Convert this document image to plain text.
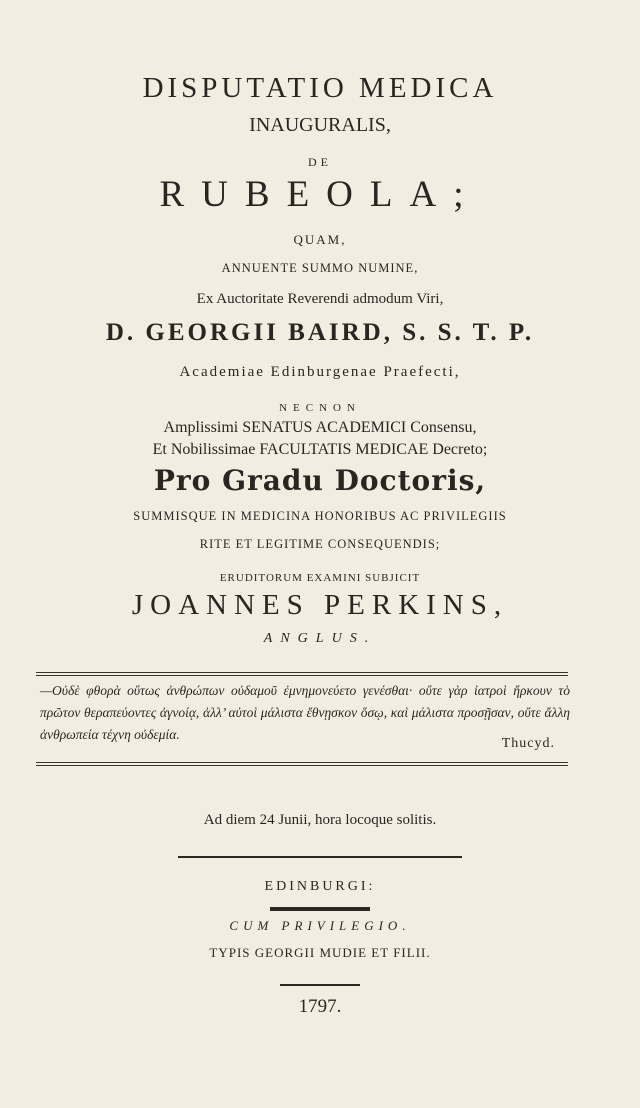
DISPUTATIO MEDICA
INAUGURALIS,
DE
RUBEOLA;
QUAM,
ANNUENTE SUMMO NUMINE,
Ex Auctoritate Reverendi admodum Viri,
D. GEORGII BAIRD, S. S. T. P.
Academiae Edinburgenae Praefecti,
NECNON
Amplissimi SENATUS ACADEMICI Consensu,
Et Nobilissimae FACULTATIS MEDICAE Decreto;
Pro Gradu Doctoris,
SUMMISQUE IN MEDICINA HONORIBUS AC PRIVILEGIIS
RITE ET LEGITIME CONSEQUENDIS;
ERUDITORUM EXAMINI SUBJICIT
JOANNES PERKINS,
ANGLUS.
—Οὐδὲ φθορὰ οὕτως ἀνθρώπων οὐδαμοῦ ἐμνημονεύετο γενέσθαι· οὔτε γὰρ ἰατροὶ ἤρκουν τὸ πρῶτον θεραπεύοντες ἀγνοίᾳ, ἀλλ’ αὐτοὶ μάλιστα ἔθνῃσκον ὅσῳ, καὶ μάλιστα προσῇσαν, οὔτε ἄλλη ἀνθρωπεία τέχνη οὐδεμία.
Thucyd.
Ad diem 24 Junii, hora locoque solitis.
EDINBURGI:
CUM PRIVILEGIO.
TYPIS GEORGII MUDIE ET FILII.
1797.
